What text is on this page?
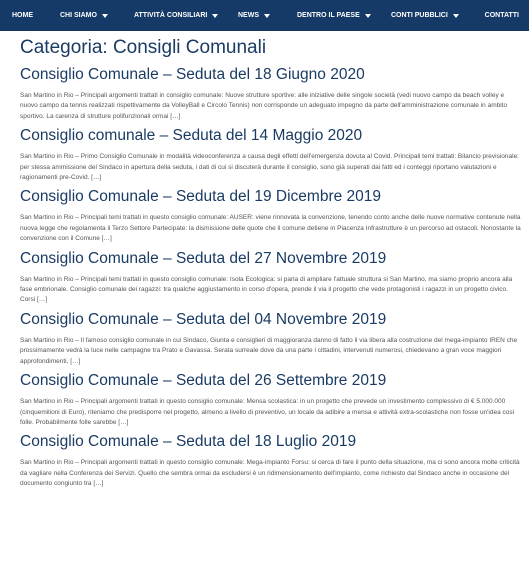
HOME	CHI SIAMO	ATTIVITÀ CONSILIARI	NEWS	DENTRO IL PAESE	CONTI PUBBLICI	CONTATTI
Categoria: Consigli Comunali
Consiglio Comunale – Seduta del 18 Giugno 2020

San Martino in Rio – Principali argomenti trattati in consiglio comunale: Nuove strutture sportive: alle iniziative delle singole società (vedi nuovo campo da beach volley e nuovo campo da tennis realizzati rispettivamente da VolleyBall e Circolo Tennis) non corrisponde un adeguato impegno da parte dell'amministrazione comunale in ambito sportivo. La carenza di strutture polifunzionali ormai […]

Consiglio comunale – Seduta del 14 Maggio 2020

San Martino in Rio – Primo Consiglio Comunale in modalità videoconferenza a causa degli effetti dell'emergenza dovuta al Covid. Principali temi trattati: Bilancio previsionale: per stessa ammissione del Sindaco in apertura della seduta, i dati di cui si discuterà durante il consiglio, sono già superati dai fatti ed i conteggi riportano valutazioni e ragionamenti pre-Covid. […]

Consiglio Comunale – Seduta del 19 Dicembre 2019

San Martino in Rio – Principali temi trattati in questo consiglio comunale: AUSER: viene rinnovata la convenzione, tenendo conto anche delle nuove normative contenute nella nuova legge che regolamenta il Terzo Settore Partecipate: la dismissione delle quote che il comune detiene in Piacenza Infrastrutture è un percorso ad ostacoli. Nonostante la convenzione con il Comune […]

Consiglio Comunale – Seduta del 27 Novembre 2019

San Martino in Rio – Principali temi trattati in questo consiglio comunale: Isola Ecologica: si parla di ampliare l'attuale struttura si San Martino, ma siamo proprio ancora alla fase embrionale. Consiglio comunale dei ragazzi: tra qualche aggiustamento in corso d'opera, prende il via il progetto che vede protagonisti i ragazzi in un progetto civico. Corsi […]

Consiglio Comunale – Seduta del 04 Novembre 2019

San Martino in Rio – Il famoso consiglio comunale in cui Sindaco, Giunta e consiglieri di maggioranza danno di fatto il via libera alla costruzione del mega-impianto IREN che prossimamente vedrà la luce nelle campagne tra Prato e Gavassa. Serata surreale dove da una parte i cittadini, intervenuti numerosi, chiedevano a gran voce maggiori approfondimenti, […]

Consiglio Comunale – Seduta del 26 Settembre 2019

San Martino in Rio – Principali argomenti trattati in questo consiglio comunale: Mensa scolastica: in un progetto che prevede un investimento complessivo di € 5.000.000 (cinquemilioni di Euro), riteniamo che predisporre nel progetto, almeno a livello di preventivo, un locale da adibire a mensa e attività extra-scolastiche non fosse un'idea così folle. Probabilmente folle sarebbe […]

Consiglio Comunale – Seduta del 18 Luglio 2019

San Martino in Rio – Principali argomenti trattati in questo consiglio comunale: Mega-impianto Forsu: si cerca di fare il punto della situazione, ma ci sono ancora molte criticità da vagliare nella Conferenza dei Servizi. Quello che sembra ormai da escludersi è un ridimensionamento dell'impianto, come richiesto dal Sindaco anche in occasione del documento congiunto tra […]
